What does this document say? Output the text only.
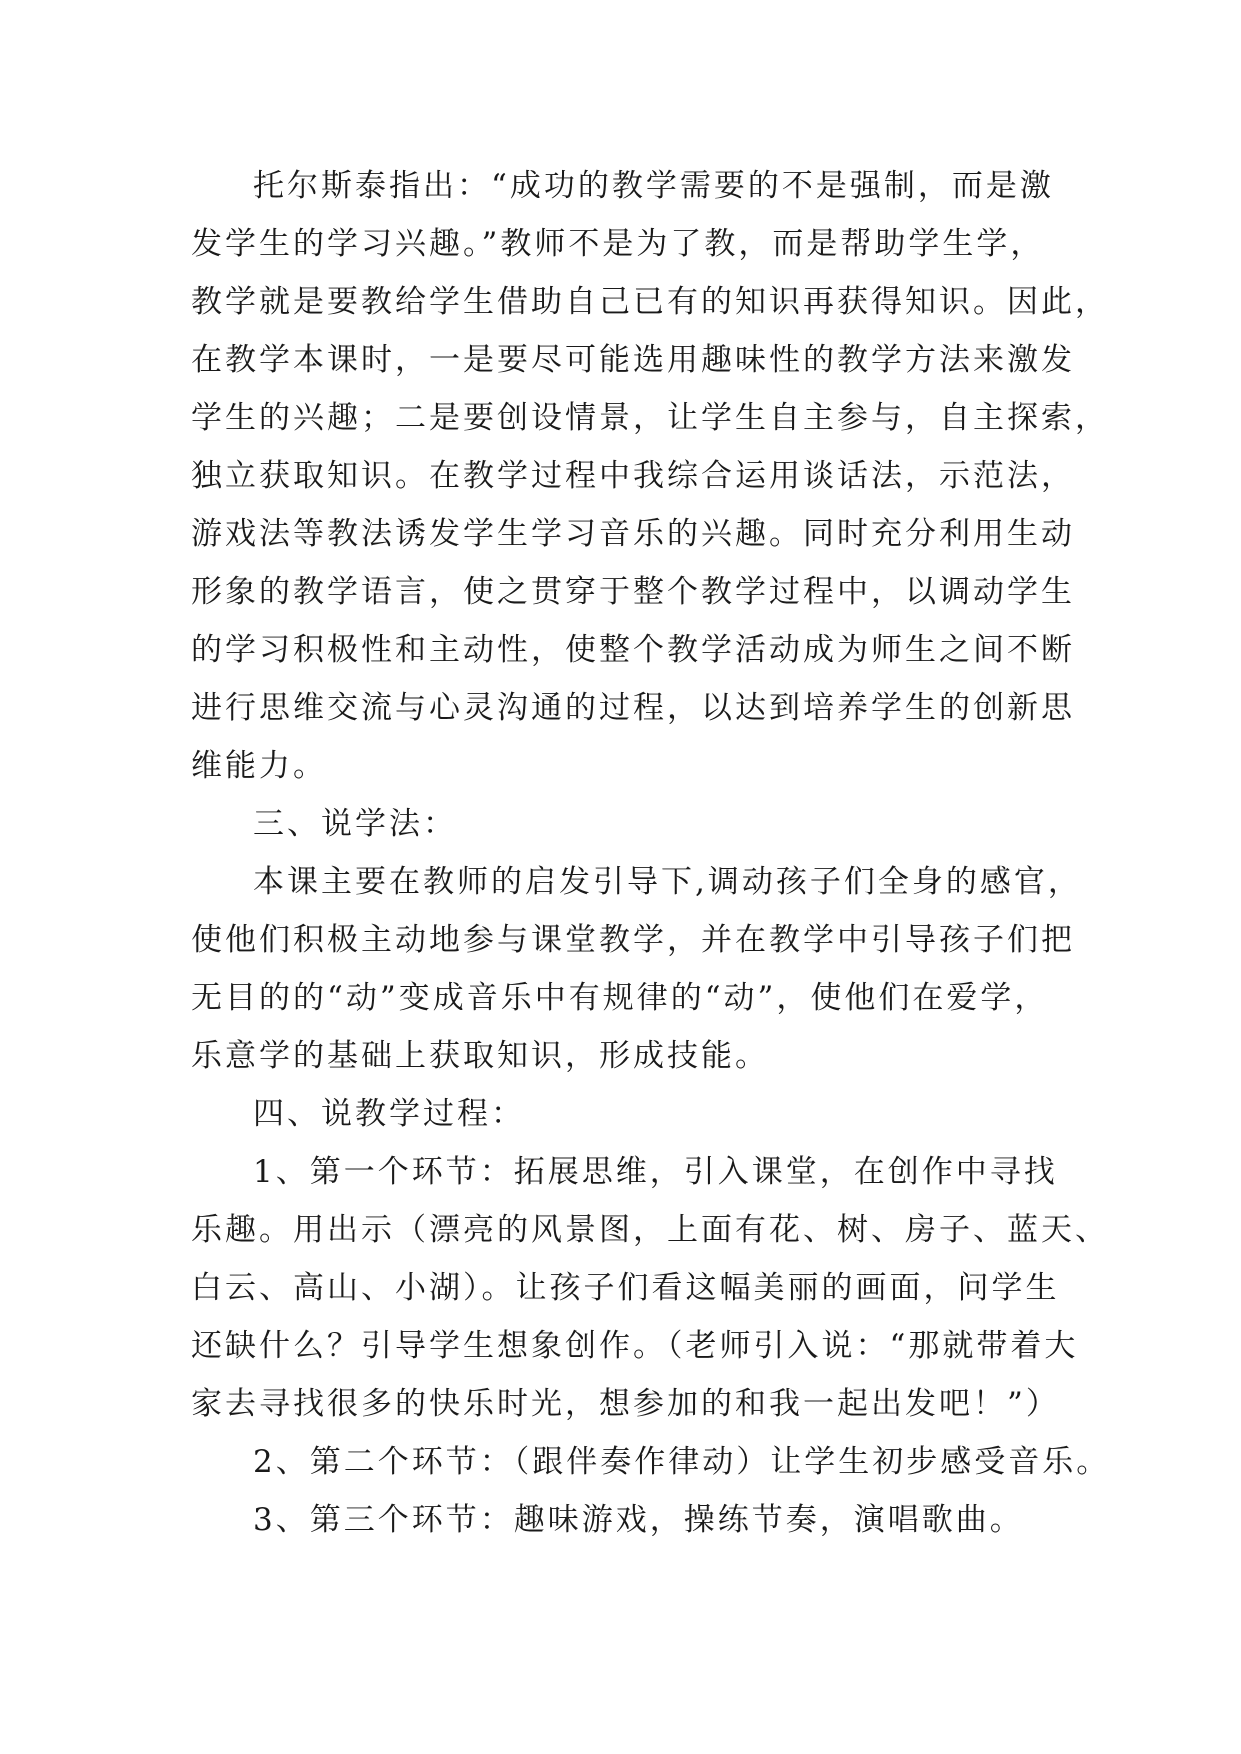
托尔斯泰指出：“成功的教学需要的不是强制，而是激
发学生的学习兴趣。”教师不是为了教，而是帮助学生学，
教学就是要教给学生借助自己已有的知识再获得知识。因此，
在教学本课时，一是要尽可能选用趣味性的教学方法来激发
学生的兴趣；二是要创设情景，让学生自主参与，自主探索，
独立获取知识。在教学过程中我综合运用谈话法，示范法，
游戏法等教法诱发学生学习音乐的兴趣。同时充分利用生动
形象的教学语言，使之贯穿于整个教学过程中，以调动学生
的学习积极性和主动性，使整个教学活动成为师生之间不断
进行思维交流与心灵沟通的过程，以达到培养学生的创新思
维能力。
三、说学法：
本课主要在教师的启发引导下,调动孩子们全身的感官，
使他们积极主动地参与课堂教学，并在教学中引导孩子们把
无目的的“动”变成音乐中有规律的“动”，使他们在爱学，
乐意学的基础上获取知识，形成技能。
四、说教学过程：
1、第一个环节：拓展思维，引入课堂，在创作中寻找
乐趣。用出示（漂亮的风景图，上面有花、树、房子、蓝天、
白云、高山、小湖）。让孩子们看这幅美丽的画面，问学生
还缺什么？引导学生想象创作。（老师引入说：“那就带着大
家去寻找很多的快乐时光，想参加的和我一起出发吧！”）
2、第二个环节：（跟伴奏作律动）让学生初步感受音乐。
3、第三个环节：趣味游戏，操练节奏，演唱歌曲。
